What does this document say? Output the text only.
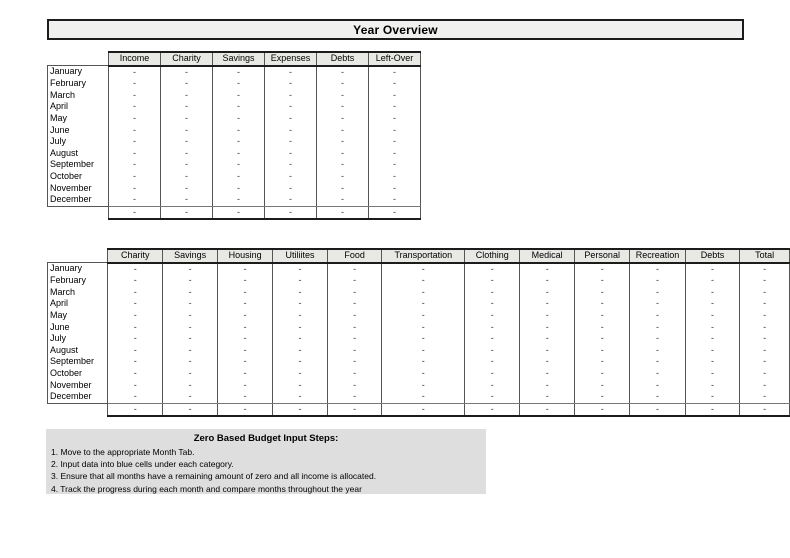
Year Overview
	Income	Charity	Savings	Expenses	Debts	Left-Over
January	-	-	-	-	-	-
February	-	-	-	-	-	-
March	-	-	-	-	-	-
April	-	-	-	-	-	-
May	-	-	-	-	-	-
June	-	-	-	-	-	-
July	-	-	-	-	-	-
August	-	-	-	-	-	-
September	-	-	-	-	-	-
October	-	-	-	-	-	-
November	-	-	-	-	-	-
December	-	-	-	-	-	-
	-	-	-	-	-	-
	Charity	Savings	Housing	Utiliites	Food	Transportation	Clothing	Medical	Personal	Recreation	Debts	Total
January	-	-	-	-	-	-	-	-	-	-	-	-
February	-	-	-	-	-	-	-	-	-	-	-	-
March	-	-	-	-	-	-	-	-	-	-	-	-
April	-	-	-	-	-	-	-	-	-	-	-	-
May	-	-	-	-	-	-	-	-	-	-	-	-
June	-	-	-	-	-	-	-	-	-	-	-	-
July	-	-	-	-	-	-	-	-	-	-	-	-
August	-	-	-	-	-	-	-	-	-	-	-	-
September	-	-	-	-	-	-	-	-	-	-	-	-
October	-	-	-	-	-	-	-	-	-	-	-	-
November	-	-	-	-	-	-	-	-	-	-	-	-
December	-	-	-	-	-	-	-	-	-	-	-	-
	-	-	-	-	-	-	-	-	-	-	-	-
Zero Based Budget Input Steps:
1. Move to the appropriate Month Tab.
2. Input data into blue cells under each category.
3. Ensure that all months have a remaining amount of zero and all income is allocated.
4. Track the progress during each month and compare months throughout the year
